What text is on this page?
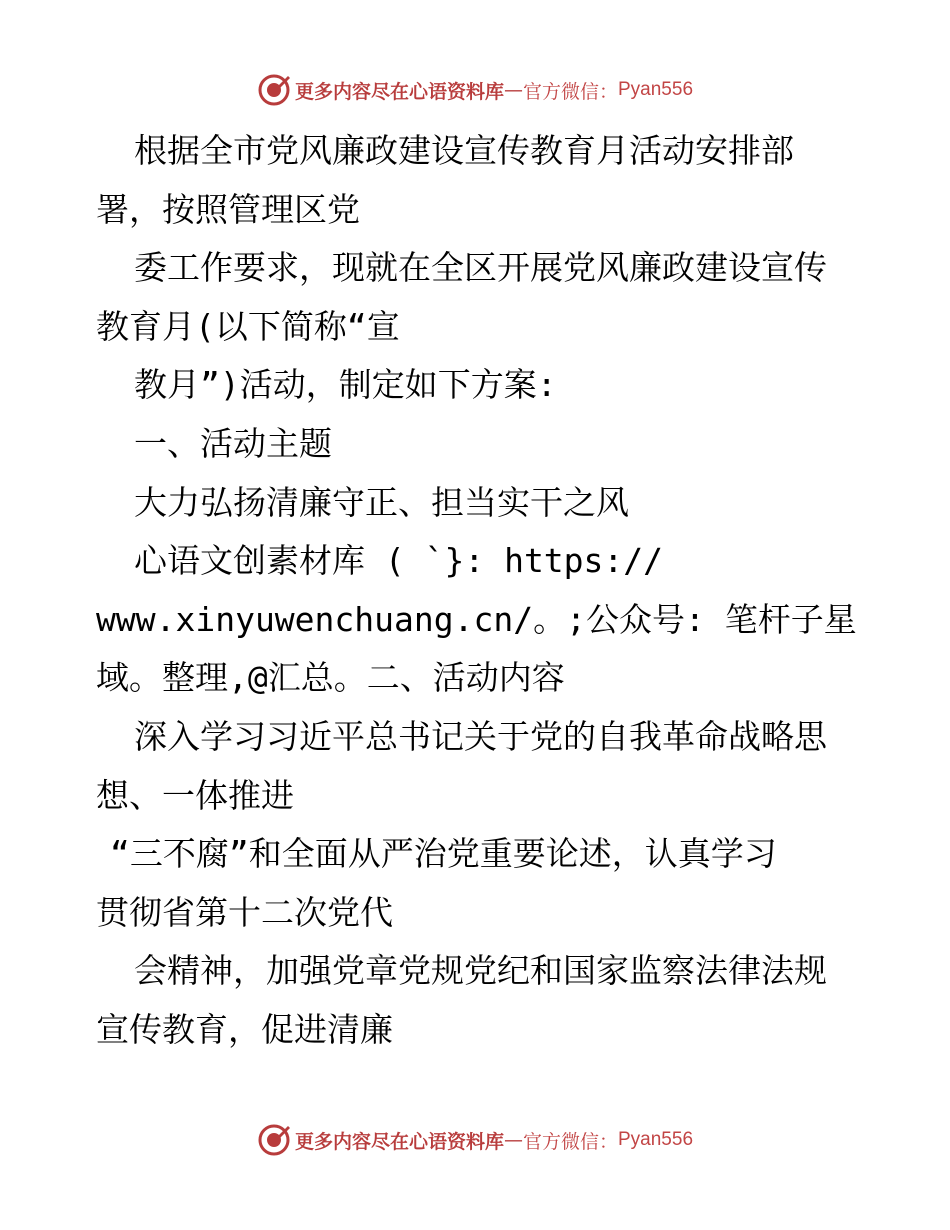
更多内容尽在心语资料库 — 官方微信： Pyan556
根据全市党风廉政建设宣传教育月活动安排部
署，按照管理区党
委工作要求，现就在全区开展党风廉政建设宣传
教育月(以下简称“宣
教月”)活动，制定如下方案:
一、活动主题
大力弘扬清廉守正、担当实干之风
心语文创素材库 ( `}: https://
www.xinyuwenchuang.cn/。;公众号: 笔杆子星
域。整理,@汇总。二、活动内容
深入学习习近平总书记关于党的自我革命战略思
想、一体推进
“三不腐”和全面从严治党重要论述，认真学习
贯彻省第十二次党代
会精神，加强党章党规党纪和国家监察法律法规
宣传教育，促进清廉
更多内容尽在心语资料库 — 官方微信： Pyan556
